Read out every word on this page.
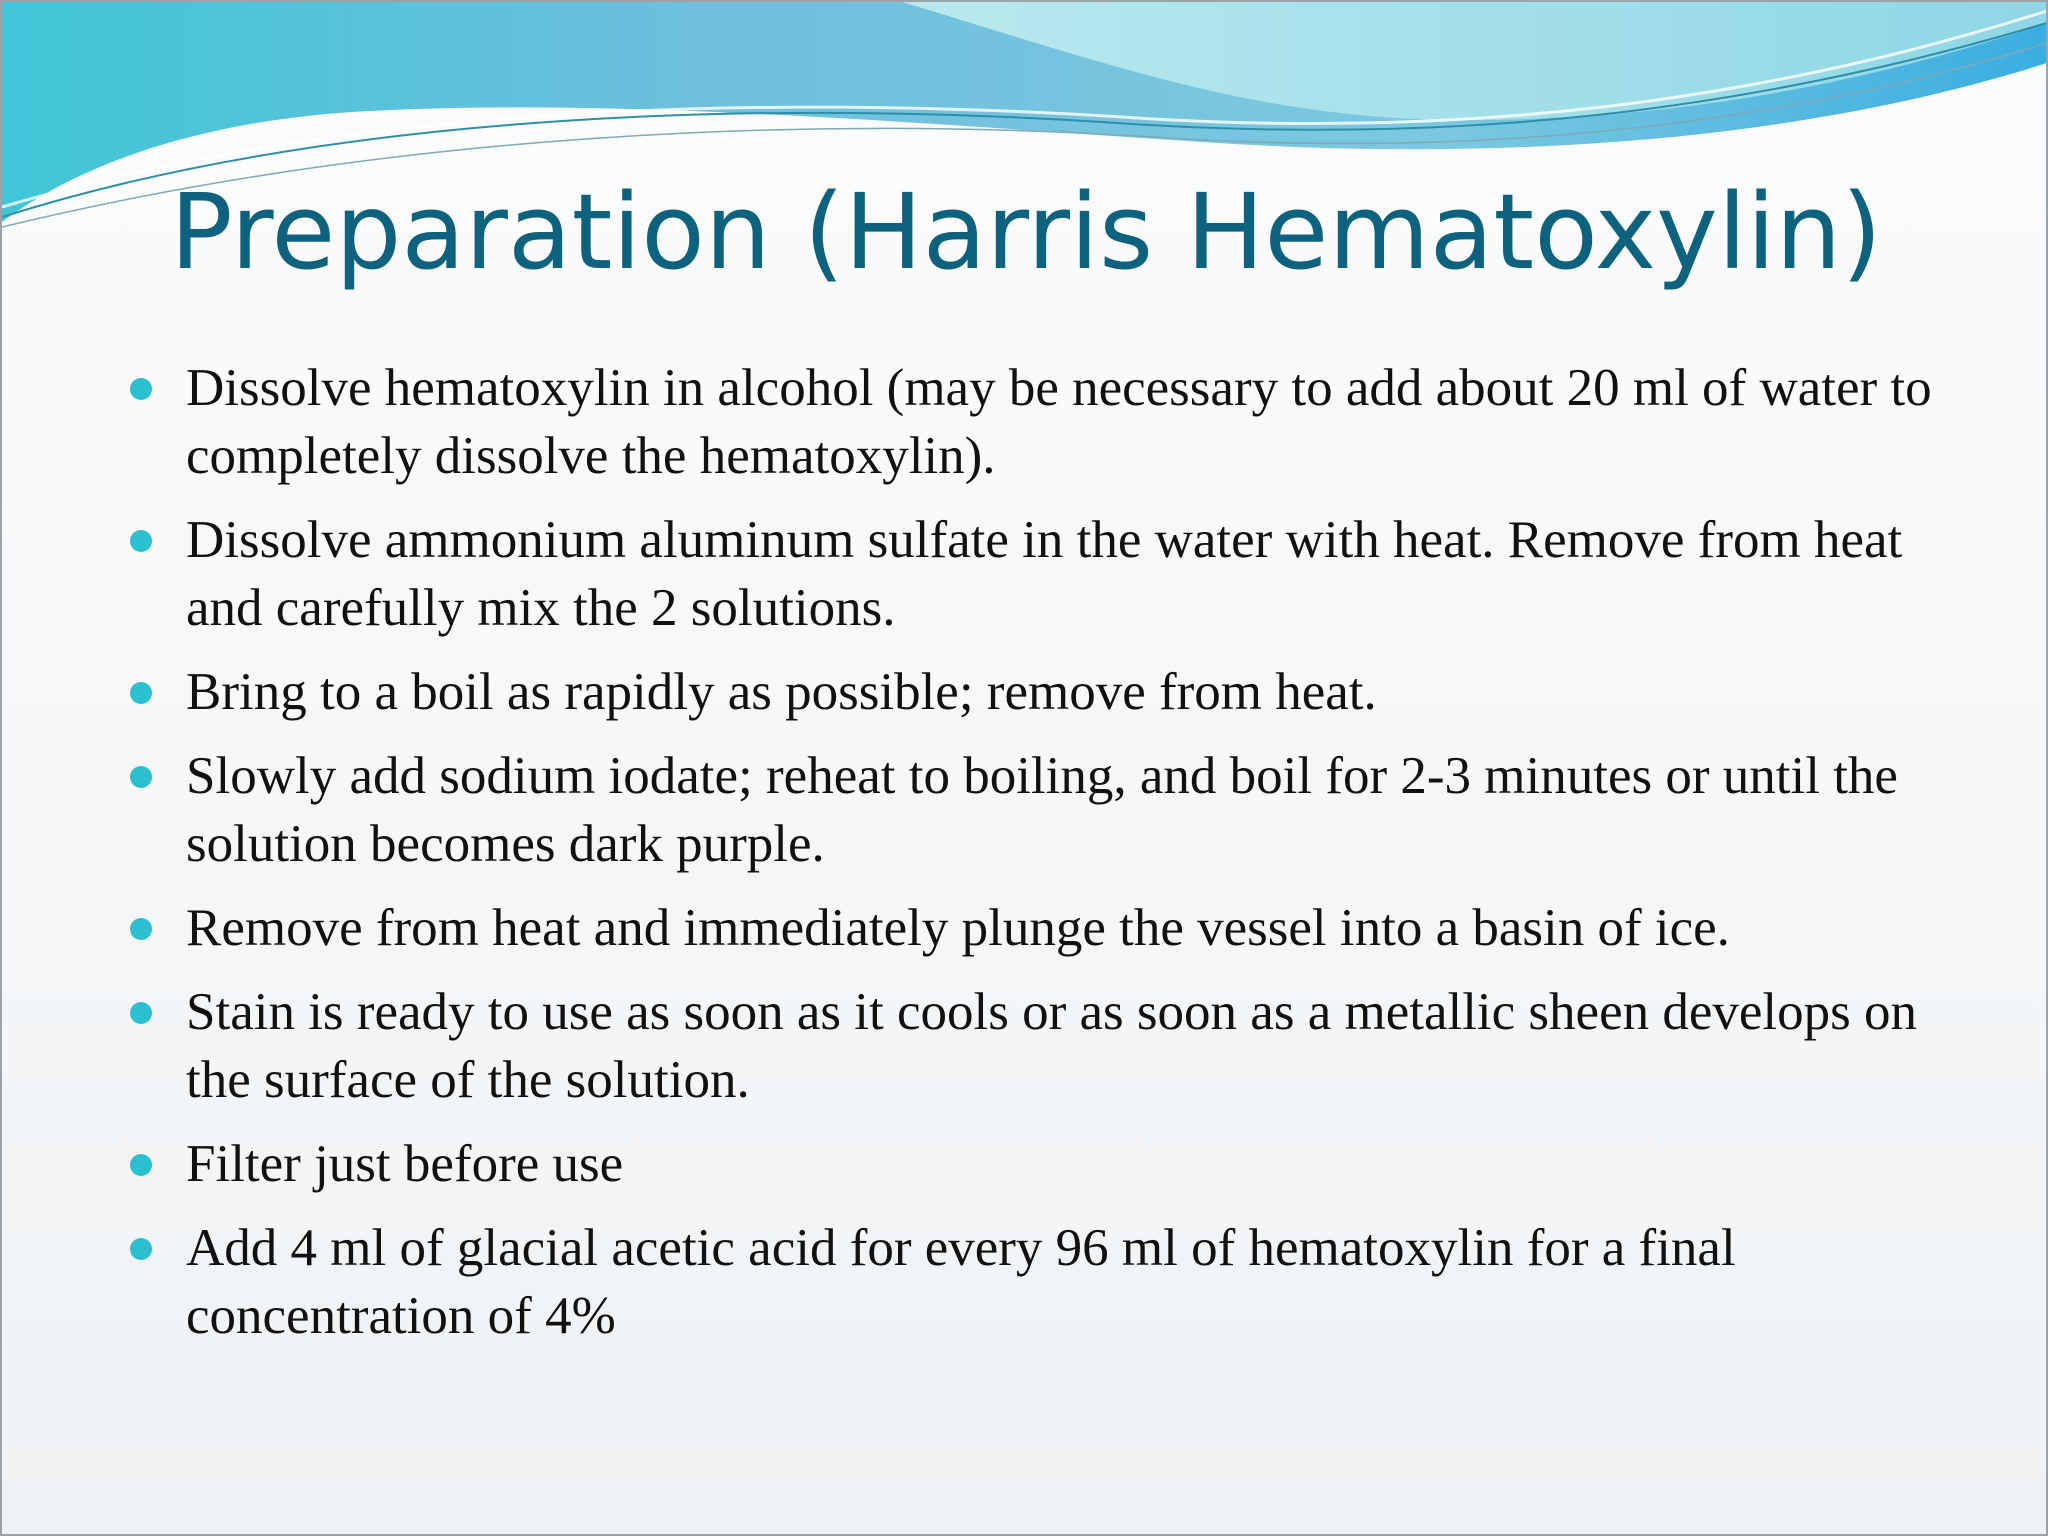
Preparation (Harris Hematoxylin)
Dissolve hematoxylin in alcohol (may be necessary to add about 20 ml of water to completely dissolve the hematoxylin).
Dissolve ammonium aluminum sulfate in the water with heat. Remove from heat and carefully mix the 2 solutions.
Bring to a boil as rapidly as possible; remove from heat.
Slowly add sodium iodate; reheat to boiling, and boil for 2-3 minutes or until the solution becomes dark purple.
Remove from heat and immediately plunge the vessel into a basin of ice.
Stain is ready to use as soon as it cools or as soon as a metallic sheen develops on the surface of the solution.
Filter just before use
Add 4 ml of glacial acetic acid for every 96 ml of hematoxylin for a final concentration of 4%
